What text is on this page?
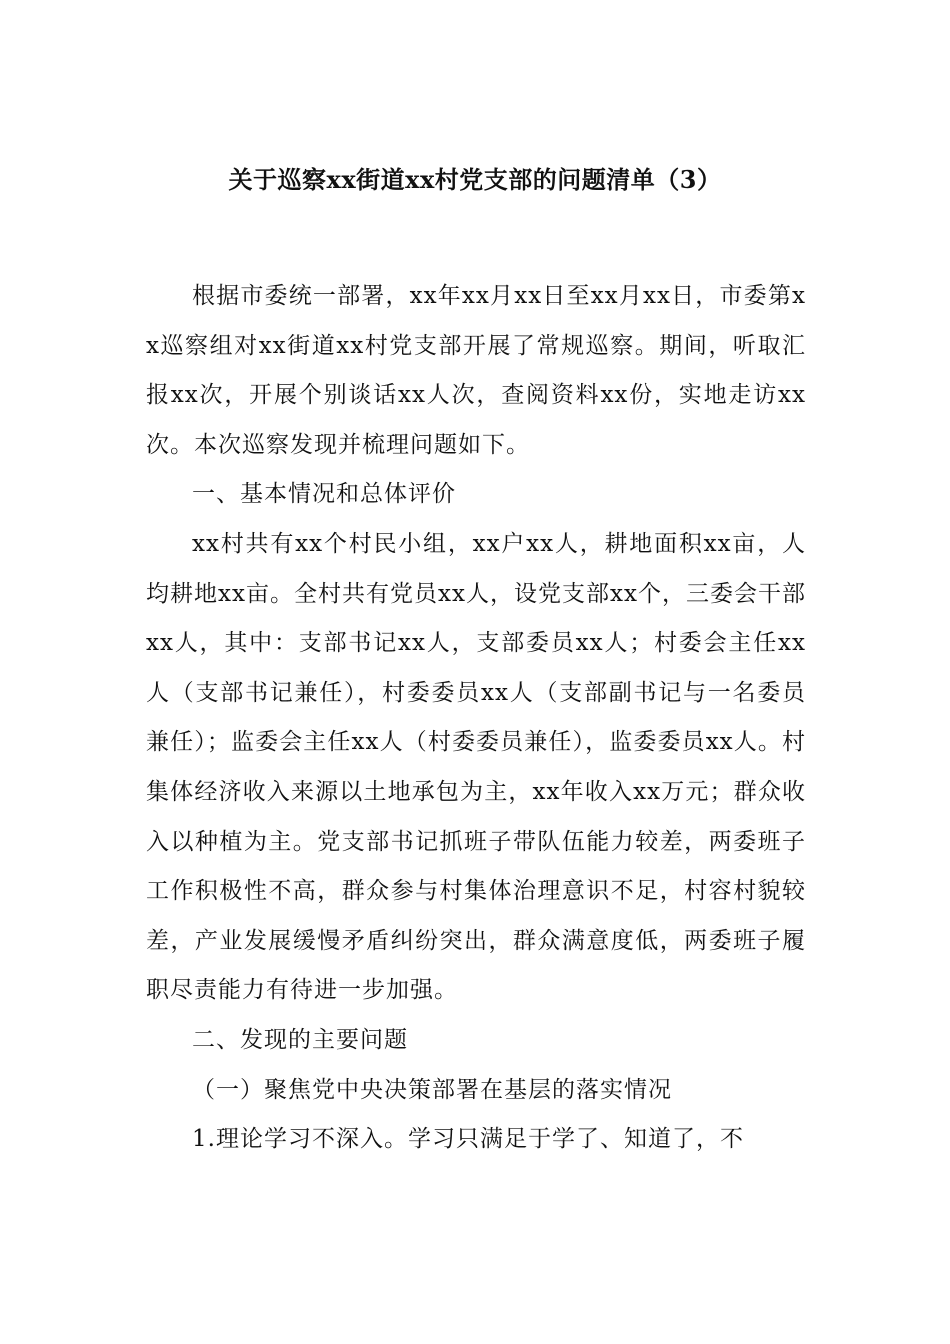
关于巡察xx街道xx村党支部的问题清单（3）

根据市委统一部署，xx年xx月xx日至xx月xx日，市委第xx巡察组对xx街道xx村党支部开展了常规巡察。期间，听取汇报xx次，开展个别谈话xx人次，查阅资料xx份，实地走访xx次。本次巡察发现并梳理问题如下。

一、基本情况和总体评价

xx村共有xx个村民小组，xx户xx人，耕地面积xx亩，人均耕地xx亩。全村共有党员xx人，设党支部xx个，三委会干部xx人，其中：支部书记xx人，支部委员xx人；村委会主任xx人（支部书记兼任），村委委员xx人（支部副书记与一名委员兼任）；监委会主任xx人（村委委员兼任），监委委员xx人。村集体经济收入来源以土地承包为主，xx年收入xx万元；群众收入以种植为主。党支部书记抓班子带队伍能力较差，两委班子工作积极性不高，群众参与村集体治理意识不足，村容村貌较差，产业发展缓慢矛盾纠纷突出，群众满意度低，两委班子履职尽责能力有待进一步加强。

二、发现的主要问题

（一）聚焦党中央决策部署在基层的落实情况

1.理论学习不深入。学习只满足于学了、知道了，不
